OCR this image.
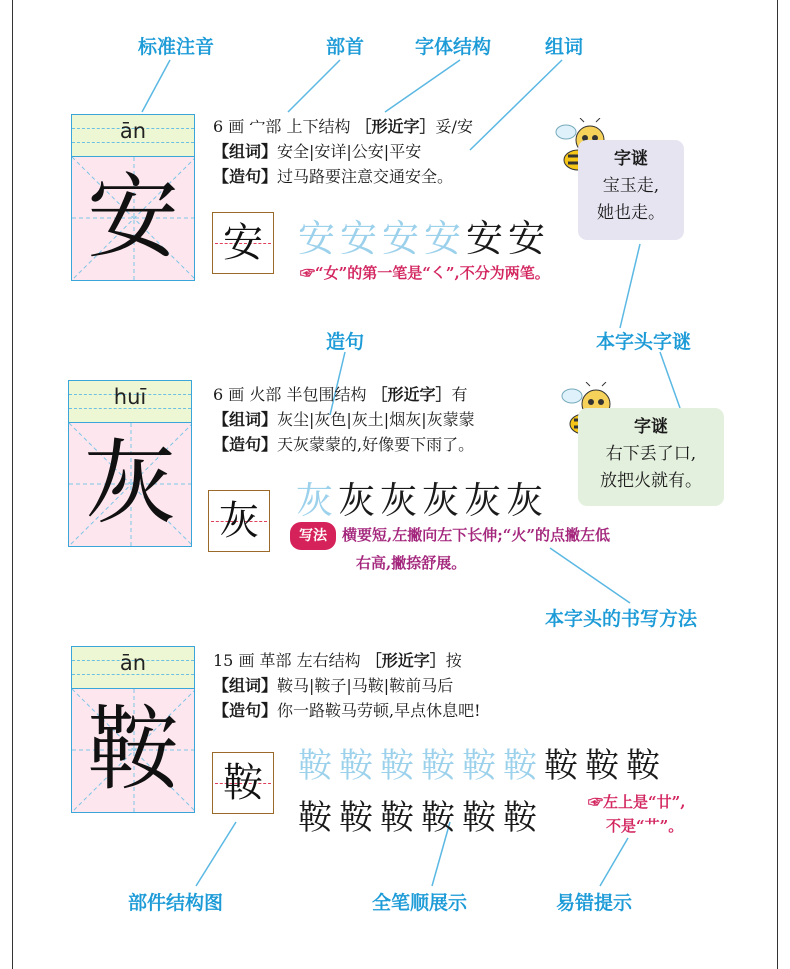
标准注音	部首	字体结构	组词
ān
安
6 画 宀部 上下结构 ［形近字］妥/安
【组词】安全|安详|公安|平安
【造句】过马路要注意交通安全。
安 安安安安安安
☞“女”的第一笔是“㇛”,不分为两笔。
字谜
宝玉走,
她也走。
造句	本字头字谜
huī
灰
6 画 火部 半包围结构 ［形近字］有
【组词】灰尘|灰色|灰土|烟灰|灰蒙蒙
【造句】天灰蒙蒙的,好像要下雨了。
灰 灰灰灰灰灰灰
写法 横要短,左撇向左下长伸;“火”的点撇左低
右高,撇捺舒展。
字谜
右下丢了口,
放把火就有。
本字头的书写方法
ān
鞍
15 画 革部 左右结构 ［形近字］按
【组词】鞍马|鞍子|马鞍|鞍前马后
【造句】你一路鞍马劳顿,早点休息吧!
鞍 鞍鞍鞍鞍鞍鞍鞍鞍鞍
鞍鞍鞍鞍鞍鞍	☞左上是“廿”,
不是“艹”。
部件结构图	全笔顺展示	易错提示
